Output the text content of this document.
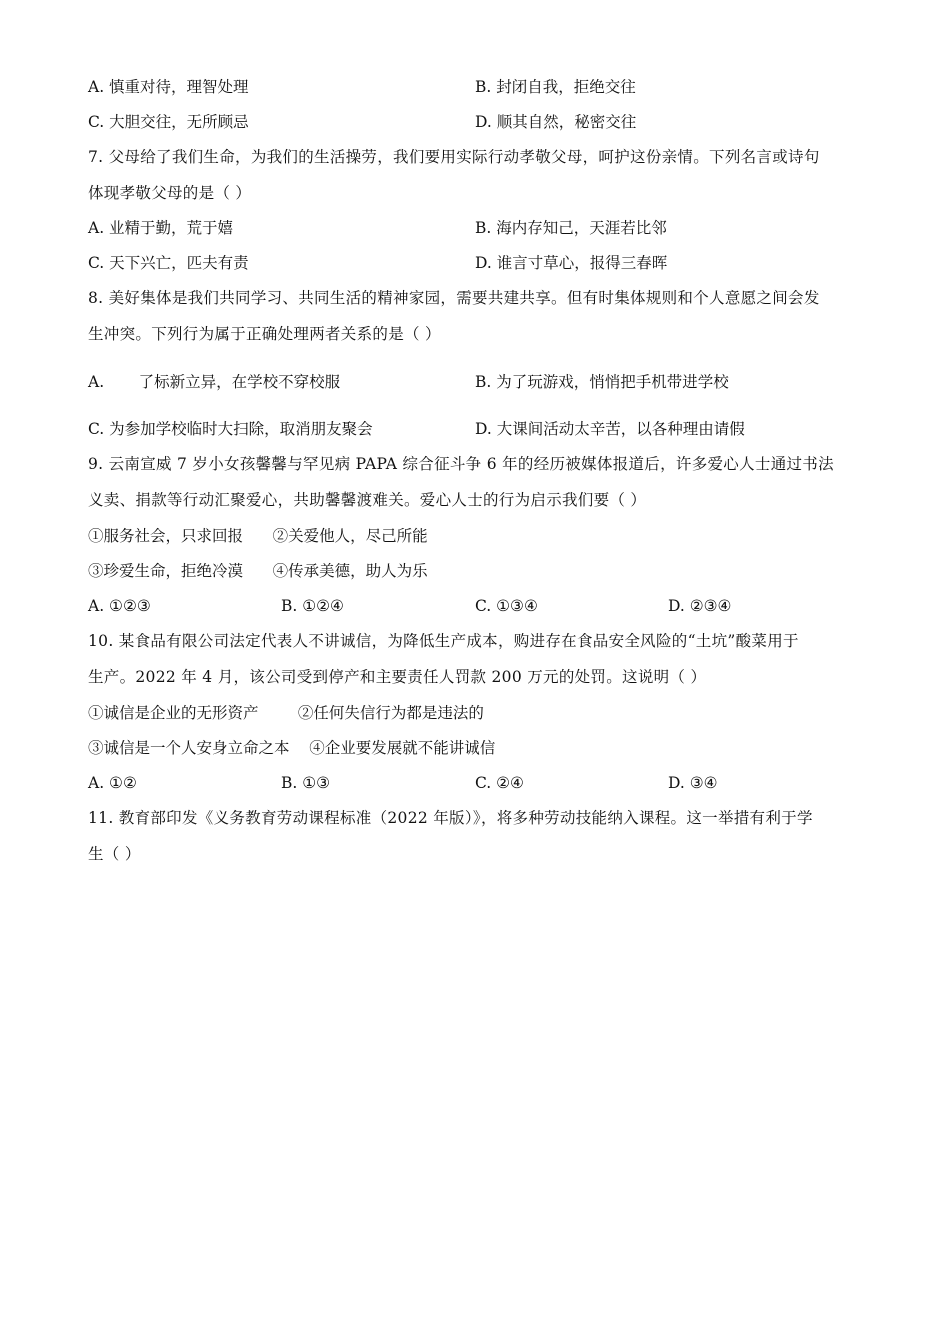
A. 慎重对待，理智处理	B. 封闭自我，拒绝交往
C. 大胆交往，无所顾忌	D. 顺其自然，秘密交往
7. 父母给了我们生命，为我们的生活操劳，我们要用实际行动孝敬父母，呵护这份亲情。下列名言或诗句
体现孝敬父母的是（ ）
A. 业精于勤，荒于嬉	B. 海内存知己，天涯若比邻
C. 天下兴亡，匹夫有责	D. 谁言寸草心，报得三春晖
8. 美好集体是我们共同学习、共同生活的精神家园，需要共建共享。但有时集体规则和个人意愿之间会发
生冲突。下列行为属于正确处理两者关系的是（ ）
A.       了标新立异，在学校不穿校服	B. 为了玩游戏，悄悄把手机带进学校
C. 为参加学校临时大扫除，取消朋友聚会	D. 大课间活动太辛苦，以各种理由请假
9. 云南宣威 7 岁小女孩馨馨与罕见病 PAPA 综合征斗争 6 年的经历被媒体报道后，许多爱心人士通过书法
义卖、捐款等行动汇聚爱心，共助馨馨渡难关。爱心人士的行为启示我们要（ ）
①服务社会，只求回报      ②关爱他人，尽己所能
③珍爱生命，拒绝冷漠      ④传承美德，助人为乐
A. ①②③	B. ①②④	C. ①③④	D. ②③④
10. 某食品有限公司法定代表人不讲诚信，为降低生产成本，购进存在食品安全风险的“土坑”酸菜用于
生产。2022 年 4 月，该公司受到停产和主要责任人罚款 200 万元的处罚。这说明（ ）
①诚信是企业的无形资产        ②任何失信行为都是违法的
③诚信是一个人安身立命之本    ④企业要发展就不能讲诚信
A. ①②	B. ①③	C. ②④	D. ③④
11. 教育部印发《义务教育劳动课程标准（2022 年版）》，将多种劳动技能纳入课程。这一举措有利于学
生（ ）
